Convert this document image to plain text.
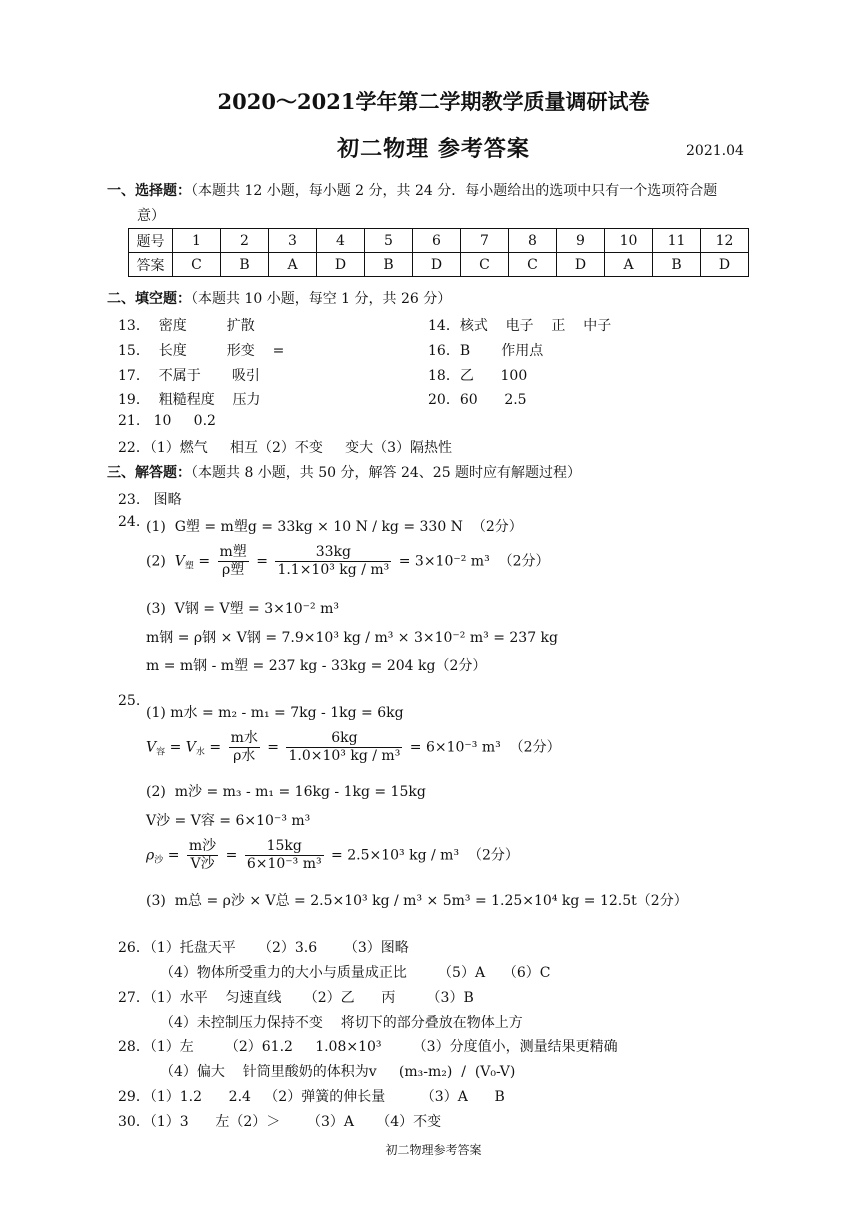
2020～2021学年第二学期教学质量调研试卷
初二物理 参考答案	2021.04
一、选择题：（本题共 12 小题，每小题 2 分，共 24 分．每小题给出的选项中只有一个选项符合题
意）
题号	1	2	3	4	5	6	7	8	9	10	11	12
答案	C	B	A	D	B	D	C	C	D	A	B	D
二、填空题：（本题共 10 小题，每空 1 分，共 26 分）
13．  密度         扩散	14．核式    电子    正    中子
15．  长度         形变    =	16．B       作用点
17．  不属于       吸引	18．乙      100
19．  粗糙程度    压力	20．60      2.5
21.   10     0.2
22．（1）燃气     相互（2）不变     变大（3）隔热性
三、解答题：（本题共 8 小题，共 50 分，解答 24、25 题时应有解题过程）
23.   图略
24. (1)  G塑 = m塑g = 33kg × 10 N / kg = 330 N （2分）
(2)  $V_塑 = \frac{\text{m塑}}{\text{ρ塑}} = \frac{33kg}{\text{1.1×10³ kg / m³}} = 3\times 10^{-2}$ m³ （2分）
(3)  V钢 = V塑 = 3×10⁻² m³
m钢 = ρ钢 × V钢 = 7.9×10³ kg / m³ × 3×10⁻² m³ = 237 kg
m = m钢 - m塑 = 237 kg - 33kg = 204 kg（2分）
25.
(1) m水 = m₂ - m₁ = 7kg - 1kg = 6kg
$V_容 = V_水 = \frac{\text{m水}}{\text{ρ水}} = \frac{6kg}{\text{1.0×10³ kg / m³}} = 6\times 10^{-3}$ m³ （2分）
(2)  m沙 = m₃ - m₁ = 16kg - 1kg = 15kg
V沙 = V容 = 6×10⁻³ m³
$\rho_沙 = \frac{\text{m沙}}{\text{V沙}} = \frac{15kg}{\text{6×10⁻³ m³}} = 2.5\times 10^3$ kg / m³ （2分）
(3)  m总 = ρ沙 × V总 = 2.5×10³ kg / m³ × 5m³ = 1.25×10⁴ kg = 12.5t（2分）
26．（1）托盘天平     （2）3.6      （3）图略
（4）物体所受重力的大小与质量成正比       （5）A    （6）C
27．（1）水平    匀速直线     （2）乙      丙       （3）B
（4）未控制压力保持不变    将切下的部分叠放在物体上方
28．（1）左       （2）61.2     1.08×10³       （3）分度值小，测量结果更精确
（4）偏大    针筒里酸奶的体积为v     (m₃-m₂)  /  (V₀-V)
29．（1）1.2      2.4   （2）弹簧的伸长量        （3）A      B
30．（1）3      左（2）＞      （3）A     （4）不变
初二物理参考答案
